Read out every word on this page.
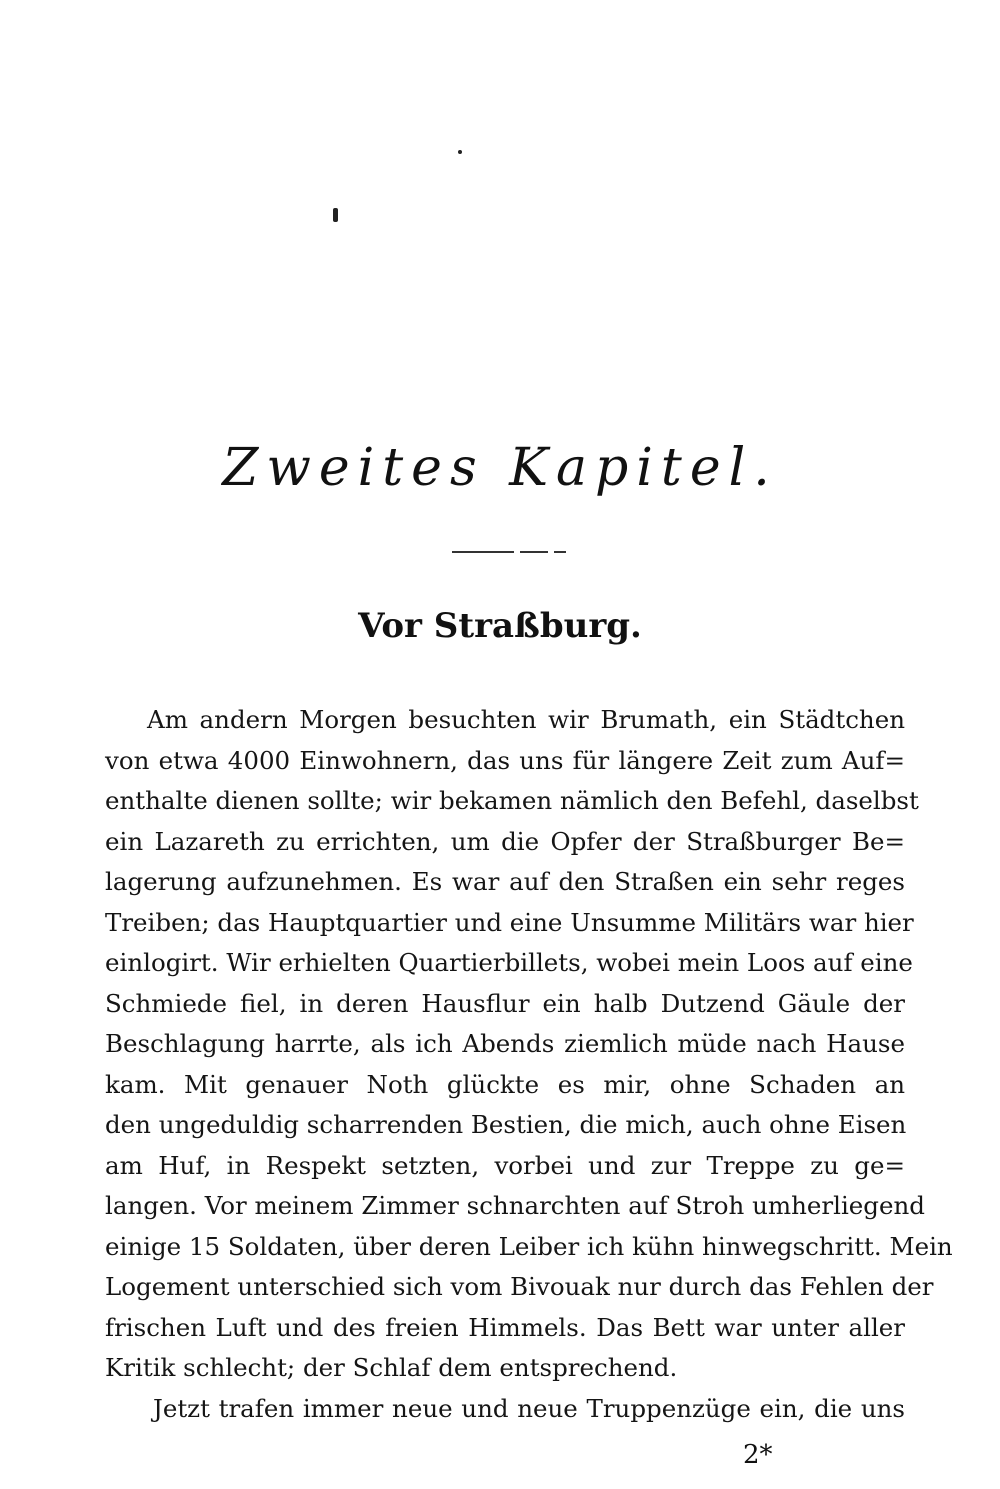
Zweites Kapitel.
Vor Straßburg.
Am andern Morgen besuchten wir Brumath, ein Städtchen
von etwa 4000 Einwohnern, das uns für längere Zeit zum Auf=
enthalte dienen sollte; wir bekamen nämlich den Befehl, daselbst
ein Lazareth zu errichten, um die Opfer der Straßburger Be=
lagerung aufzunehmen. Es war auf den Straßen ein sehr reges
Treiben; das Hauptquartier und eine Unsumme Militärs war hier
einlogirt. Wir erhielten Quartierbillets, wobei mein Loos auf eine
Schmiede fiel, in deren Hausflur ein halb Dutzend Gäule der
Beschlagung harrte, als ich Abends ziemlich müde nach Hause
kam. Mit genauer Noth glückte es mir, ohne Schaden an
den ungeduldig scharrenden Bestien, die mich, auch ohne Eisen
am Huf, in Respekt setzten, vorbei und zur Treppe zu ge=
langen. Vor meinem Zimmer schnarchten auf Stroh umherliegend
einige 15 Soldaten, über deren Leiber ich kühn hinwegschritt. Mein
Logement unterschied sich vom Bivouak nur durch das Fehlen der
frischen Luft und des freien Himmels. Das Bett war unter aller
Kritik schlecht; der Schlaf dem entsprechend.
Jetzt trafen immer neue und neue Truppenzüge ein, die uns
2*
